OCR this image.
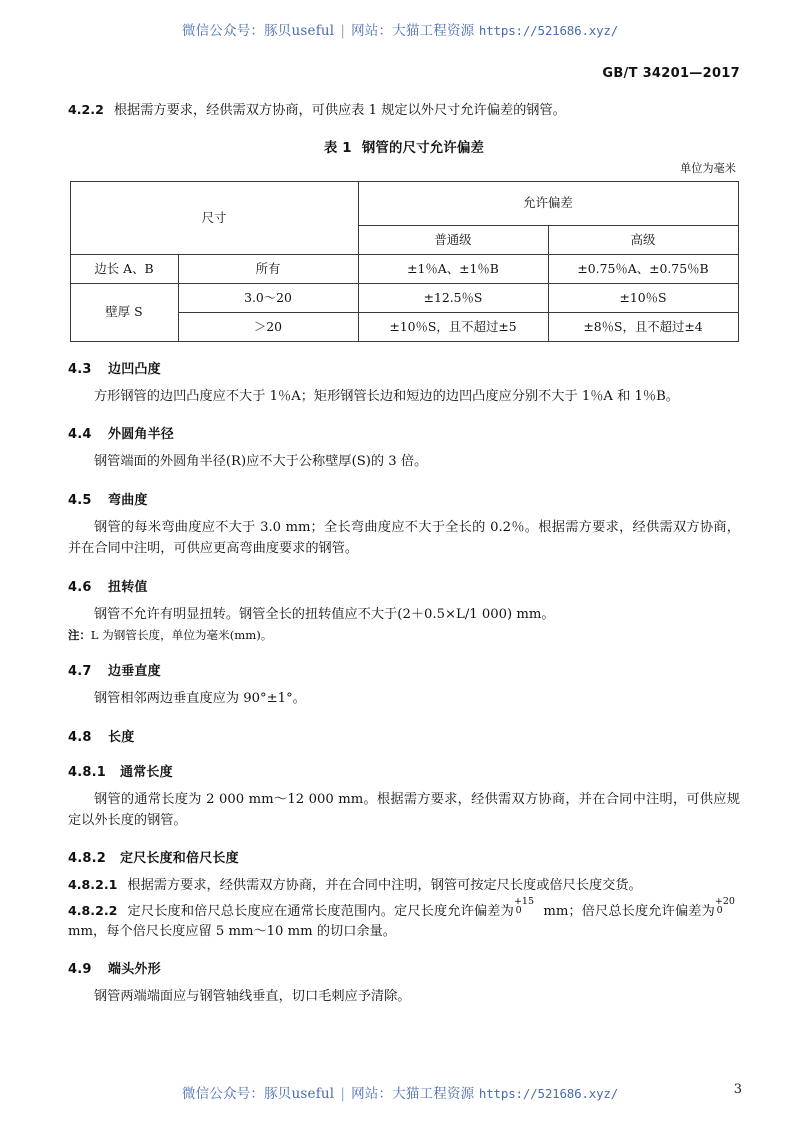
微信公众号：豚贝useful | 网站：大猫工程资源 https://521686.xyz/
GB/T 34201—2017

4.2.2 根据需方要求，经供需双方协商，可供应表 1 规定以外尺寸允许偏差的钢管。

表 1 钢管的尺寸允许偏差
单位为毫米
尺寸		允许偏差	
		普通级	高级
边长 A、B	所有	±1％A、±1％B	±0.75％A、±0.75％B
壁厚 S	3.0～20	±12.5％S	±10％S
	＞20	±10％S，且不超过±5	±8％S，且不超过±4
4.3 边凹凸度

方形钢管的边凹凸度应不大于 1％A；矩形钢管长边和短边的边凹凸度应分别不大于 1％A 和 1％B。

4.4 外圆角半径

钢管端面的外圆角半径(R)应不大于公称壁厚(S)的 3 倍。

4.5 弯曲度

钢管的每米弯曲度应不大于 3.0 mm；全长弯曲度应不大于全长的 0.2％。根据需方要求，经供需双方协商，并在合同中注明，可供应更高弯曲度要求的钢管。

4.6 扭转值

钢管不允许有明显扭转。钢管全长的扭转值应不大于(2＋0.5×L/1 000) mm。

注：L 为钢管长度，单位为毫米(mm)。

4.7 边垂直度

钢管相邻两边垂直度应为 90°±1°。

4.8 长度
4.8.1 通常长度

钢管的通常长度为 2 000 mm～12 000 mm。根据需方要求，经供需双方协商，并在合同中注明，可供应规定以外长度的钢管。

4.8.2 定尺长度和倍尺长度

4.8.2.1 根据需方要求，经供需双方协商，并在合同中注明，钢管可按定尺长度或倍尺长度交货。

4.8.2.2 定尺长度和倍尺总长度应在通常长度范围内。定尺长度允许偏差为
+15
0 mm；倍尺总长度允许偏差为
+20
0
mm，每个倍尺长度应留 5 mm～10 mm 的切口余量。

4.9 端头外形

钢管两端端面应与钢管轴线垂直，切口毛刺应予清除。

微信公众号：豚贝useful | 网站：大猫工程资源 https://521686.xyz/	3
